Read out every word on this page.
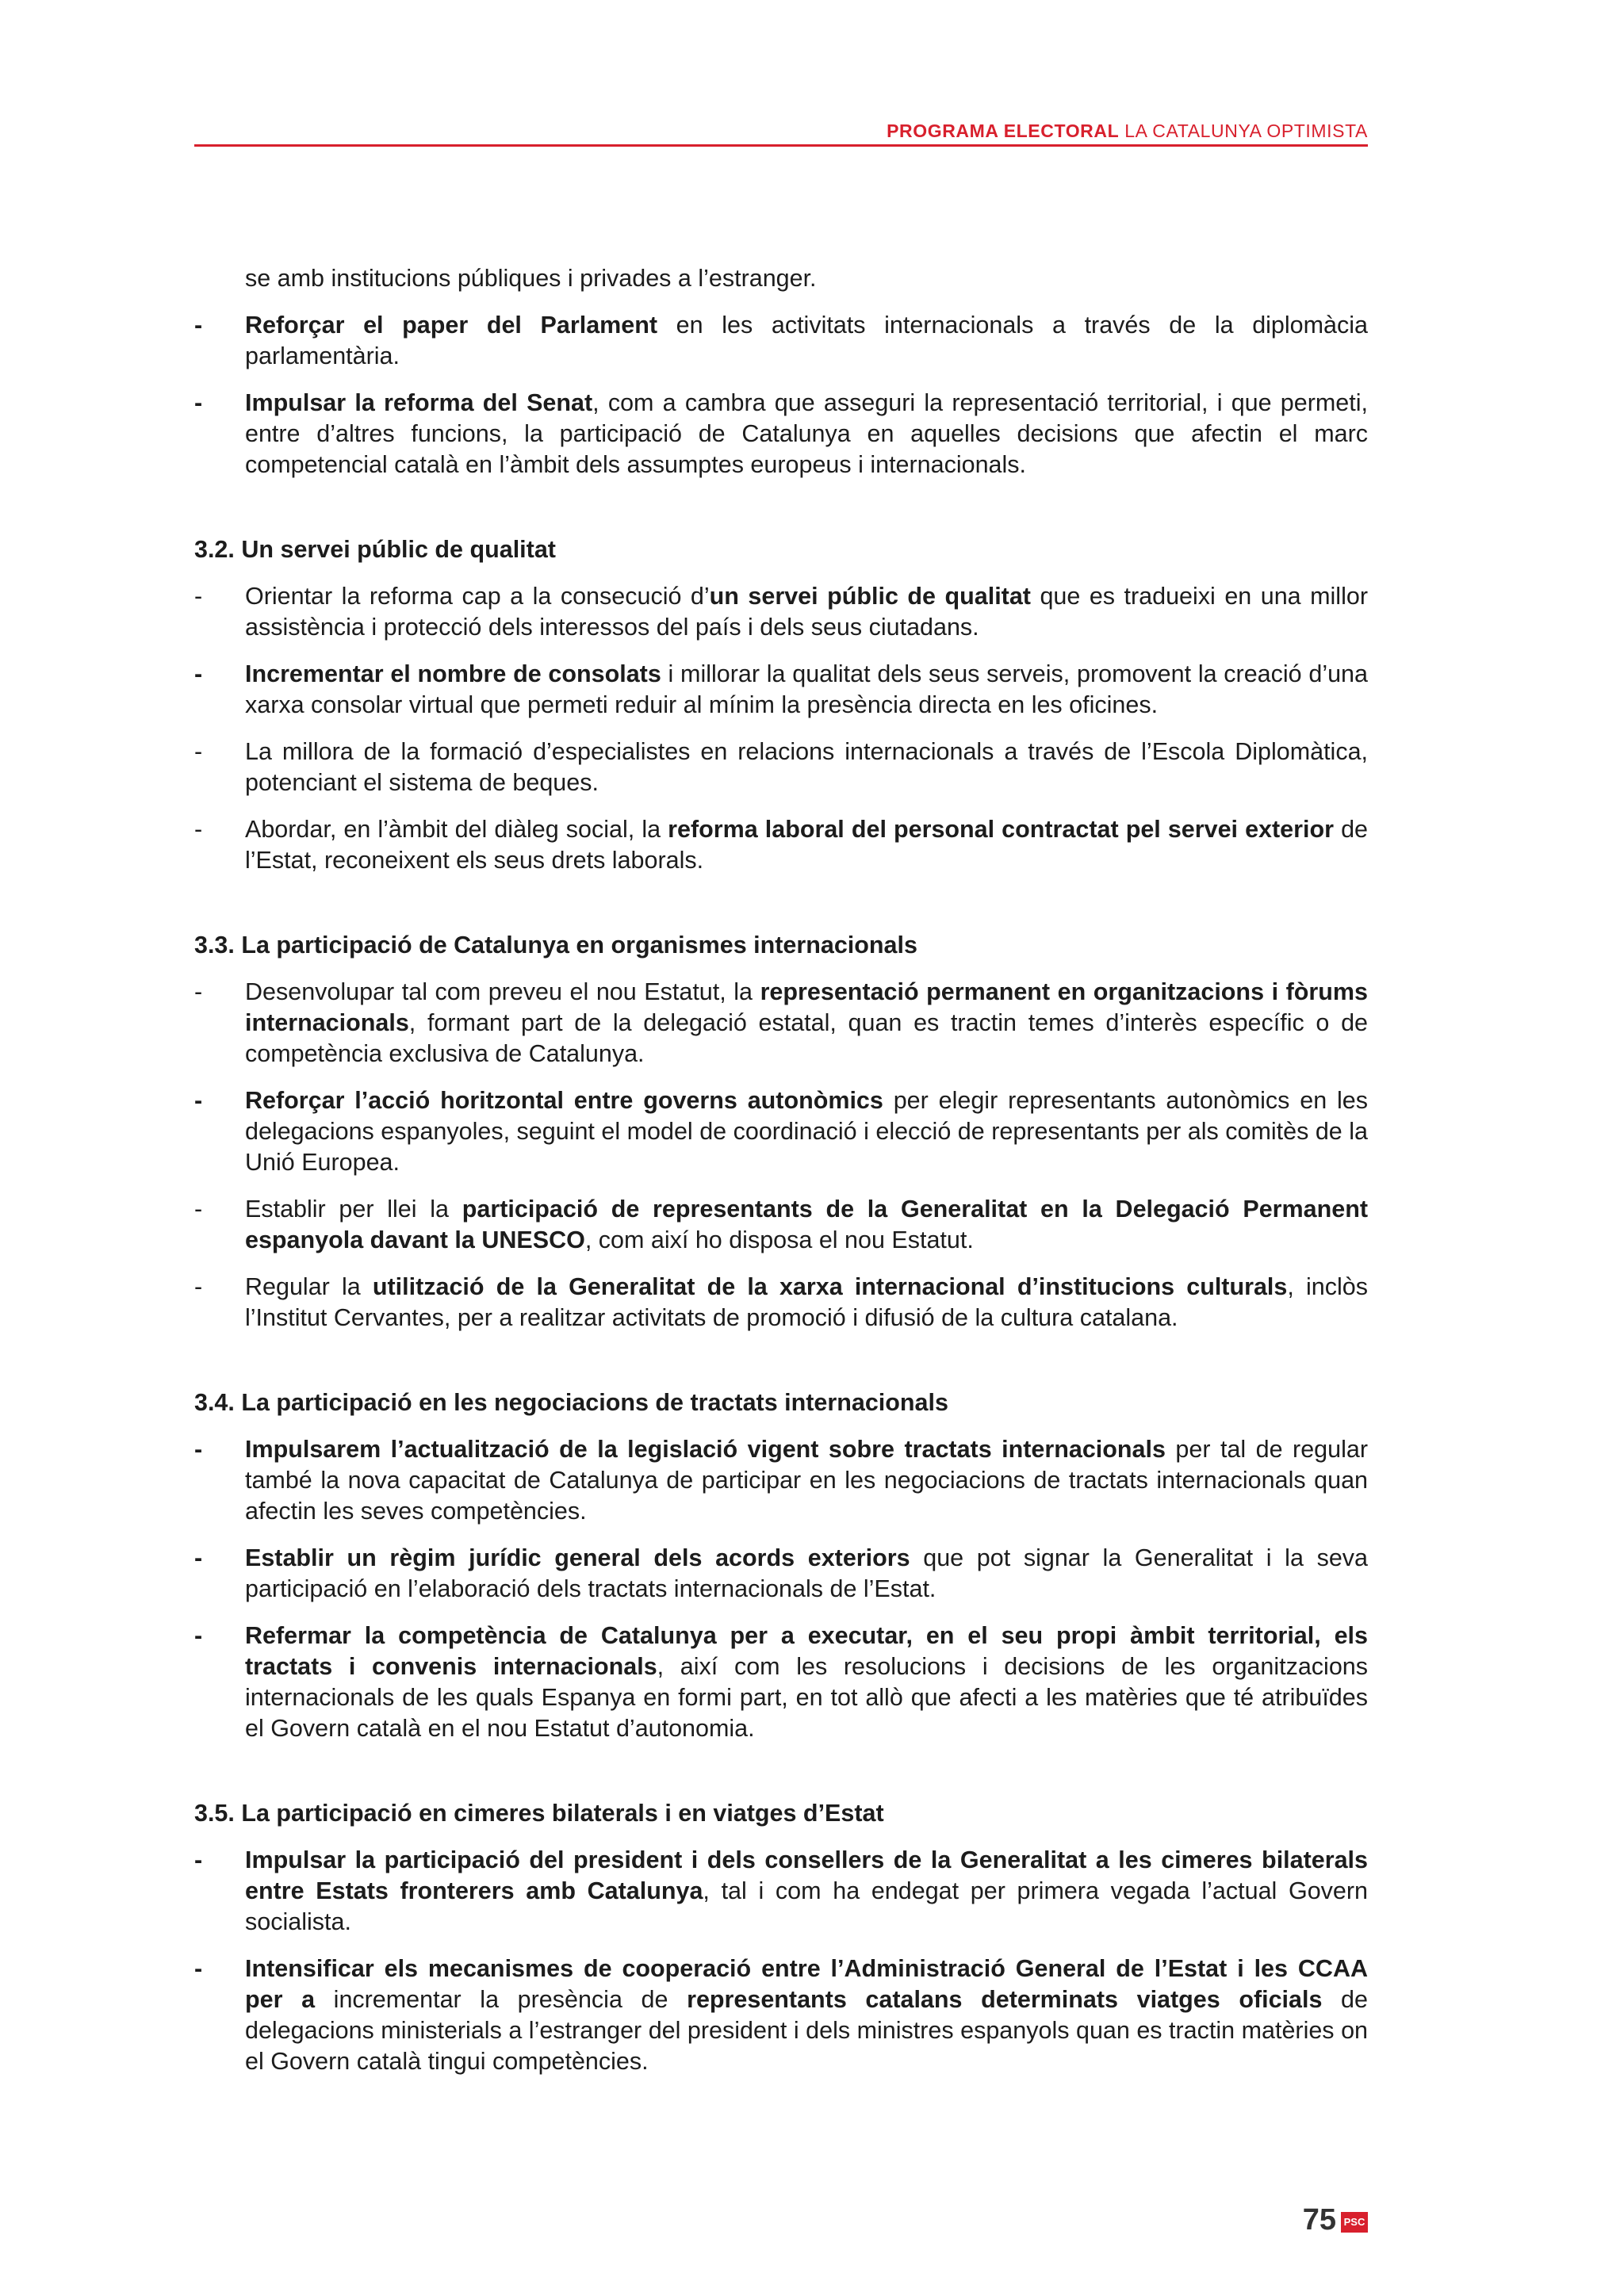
PROGRAMA ELECTORAL LA CATALUNYA OPTIMISTA

se amb institucions públiques i privades a l’estranger.

- Reforçar el paper del Parlament en les activitats internacionals a través de la diplomàcia parlamentària.

- Impulsar la reforma del Senat, com a cambra que asseguri la representació territorial, i que permeti, entre d’altres funcions, la participació de Catalunya en aquelles decisions que afectin el marc competencial català en l’àmbit dels assumptes europeus i internacionals.

3.2. Un servei públic de qualitat

- Orientar la reforma cap a la consecució d’un servei públic de qualitat que es tradueixi en una millor assistència i protecció dels interessos del país i dels seus ciutadans.

- Incrementar el nombre de consolats i millorar la qualitat dels seus serveis, promovent la creació d’una xarxa consolar virtual que permeti reduir al mínim la presència directa en les oficines.

- La millora de la formació d’especialistes en relacions internacionals a través de l’Escola Diplomàtica, potenciant el sistema de beques.

- Abordar, en l’àmbit del diàleg social, la reforma laboral del personal contractat pel servei exterior de l’Estat, reconeixent els seus drets laborals.

3.3. La participació de Catalunya en organismes internacionals

- Desenvolupar tal com preveu el nou Estatut, la representació permanent en organitzacions i fòrums internacionals, formant part de la delegació estatal, quan es tractin temes d’interès específic o de competència exclusiva de Catalunya.

- Reforçar l’acció horitzontal entre governs autonòmics per elegir representants autonòmics en les delegacions espanyoles, seguint el model de coordinació i elecció de representants per als comitès de la Unió Europea.

- Establir per llei la participació de representants de la Generalitat en la Delegació Permanent espanyola davant la UNESCO, com així ho disposa el nou Estatut.

- Regular la utilització de la Generalitat de la xarxa internacional d’institucions culturals, inclòs l’Institut Cervantes, per a realitzar activitats de promoció i difusió de la cultura catalana.

3.4. La participació en les negociacions de tractats internacionals

- Impulsarem l’actualització de la legislació vigent sobre tractats internacionals per tal de regular també la nova capacitat de Catalunya de participar en les negociacions de tractats internacionals quan afectin les seves competències.

- Establir un règim jurídic general dels acords exteriors que pot signar la Generalitat i la seva participació en l’elaboració dels tractats internacionals de l’Estat.

- Refermar la competència de Catalunya per a executar, en el seu propi àmbit territorial, els tractats i convenis internacionals, així com les resolucions i decisions de les organitzacions internacionals de les quals Espanya en formi part, en tot allò que afecti a les matèries que té atribuïdes el Govern català en el nou Estatut d’autonomia.

3.5. La participació en cimeres bilaterals i en viatges d’Estat

- Impulsar la participació del president i dels consellers de la Generalitat a les cimeres bilaterals entre Estats fronterers amb Catalunya, tal i com ha endegat per primera vegada l’actual Govern socialista.

- Intensificar els mecanismes de cooperació entre l’Administració General de l’Estat i les CCAA per a incrementar la presència de representants catalans determinats viatges oficials de delegacions ministerials a l’estranger del president i dels ministres espanyols quan es tractin matèries on el Govern català tingui competències.

75 PSC
